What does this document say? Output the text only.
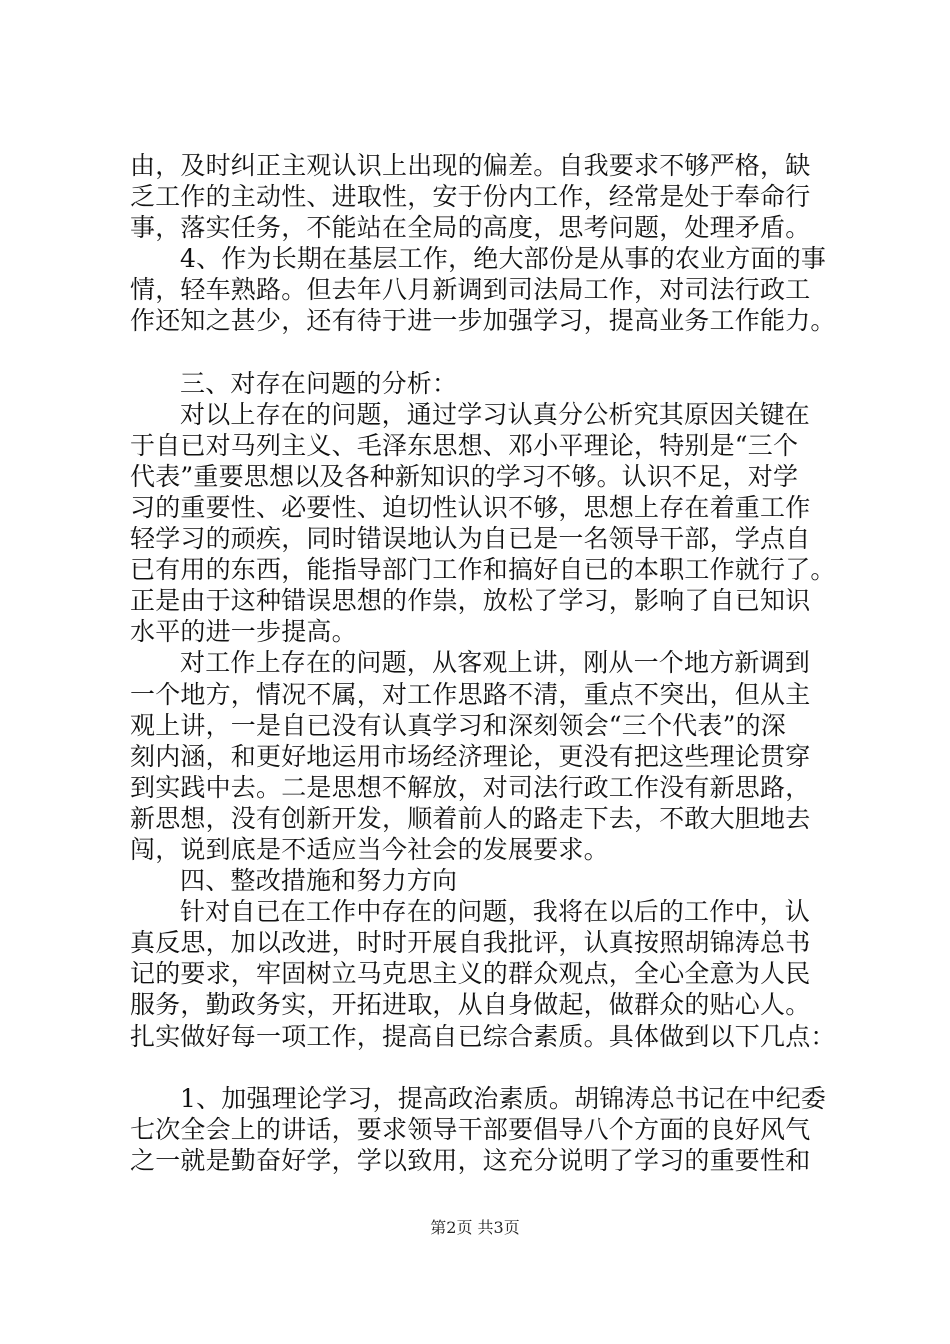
由，及时纠正主观认识上出现的偏差。自我要求不够严格，缺
乏工作的主动性、进取性，安于份内工作，经常是处于奉命行
事，落实任务，不能站在全局的高度，思考问题，处理矛盾。
4、作为长期在基层工作，绝大部份是从事的农业方面的事
情，轻车熟路。但去年八月新调到司法局工作，对司法行政工
作还知之甚少，还有待于进一步加强学习，提高业务工作能力。
三、对存在问题的分析：
对以上存在的问题，通过学习认真分公析究其原因关键在
于自已对马列主义、毛泽东思想、邓小平理论，特别是“三个
代表”重要思想以及各种新知识的学习不够。认识不足，对学
习的重要性、必要性、迫切性认识不够，思想上存在着重工作
轻学习的顽疾，同时错误地认为自已是一名领导干部，学点自
已有用的东西，能指导部门工作和搞好自已的本职工作就行了。
正是由于这种错误思想的作祟，放松了学习，影响了自已知识
水平的进一步提高。
对工作上存在的问题，从客观上讲，刚从一个地方新调到
一个地方，情况不属，对工作思路不清，重点不突出，但从主
观上讲，一是自已没有认真学习和深刻领会“三个代表”的深
刻内涵，和更好地运用市场经济理论，更没有把这些理论贯穿
到实践中去。二是思想不解放，对司法行政工作没有新思路，
新思想，没有创新开发，顺着前人的路走下去，不敢大胆地去
闯，说到底是不适应当今社会的发展要求。
四、整改措施和努力方向
针对自已在工作中存在的问题，我将在以后的工作中，认
真反思，加以改进，时时开展自我批评，认真按照胡锦涛总书
记的要求，牢固树立马克思主义的群众观点，全心全意为人民
服务，勤政务实，开拓进取，从自身做起，做群众的贴心人。
扎实做好每一项工作，提高自已综合素质。具体做到以下几点：
1、加强理论学习，提高政治素质。胡锦涛总书记在中纪委
七次全会上的讲话，要求领导干部要倡导八个方面的良好风气
之一就是勤奋好学，学以致用，这充分说明了学习的重要性和
第2页 共3页
